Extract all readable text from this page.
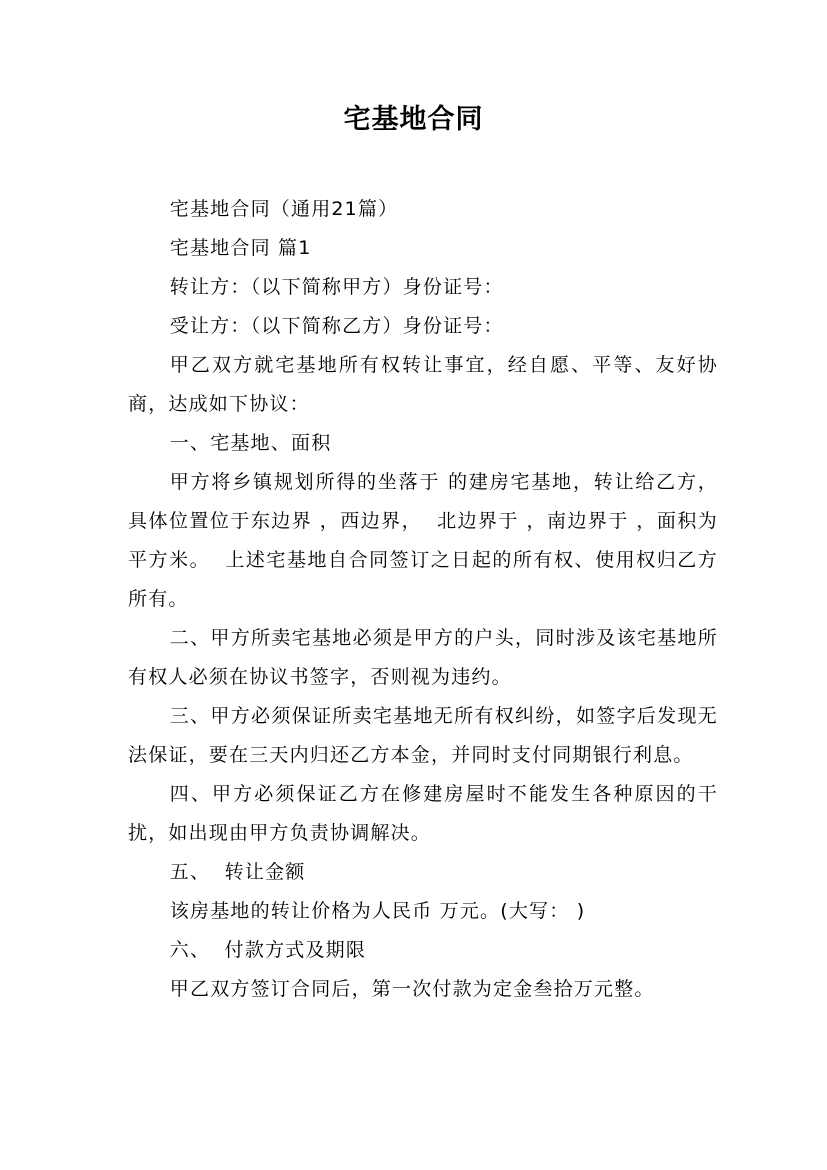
宅基地合同

宅基地合同（通用21篇）

宅基地合同 篇1

转让方：（以下简称甲方）身份证号：

受让方：（以下简称乙方）身份证号：

甲乙双方就宅基地所有权转让事宜，经自愿、平等、友好协商，达成如下协议：

一、宅基地、面积

甲方将乡镇规划所得的坐落于 的建房宅基地，转让给乙方，具体位置位于东边界 ，西边界，  北边界于 ，南边界于 ，面积为  平方米。  上述宅基地自合同签订之日起的所有权、使用权归乙方所有。

二、甲方所卖宅基地必须是甲方的户头，同时涉及该宅基地所有权人必须在协议书签字，否则视为违约。

三、甲方必须保证所卖宅基地无所有权纠纷，如签字后发现无法保证，要在三天内归还乙方本金，并同时支付同期银行利息。

四、甲方必须保证乙方在修建房屋时不能发生各种原因的干扰，如出现由甲方负责协调解决。

五、  转让金额

该房基地的转让价格为人民币 万元。(大写： )

六、  付款方式及期限

甲乙双方签订合同后，第一次付款为定金叁拾万元整。
